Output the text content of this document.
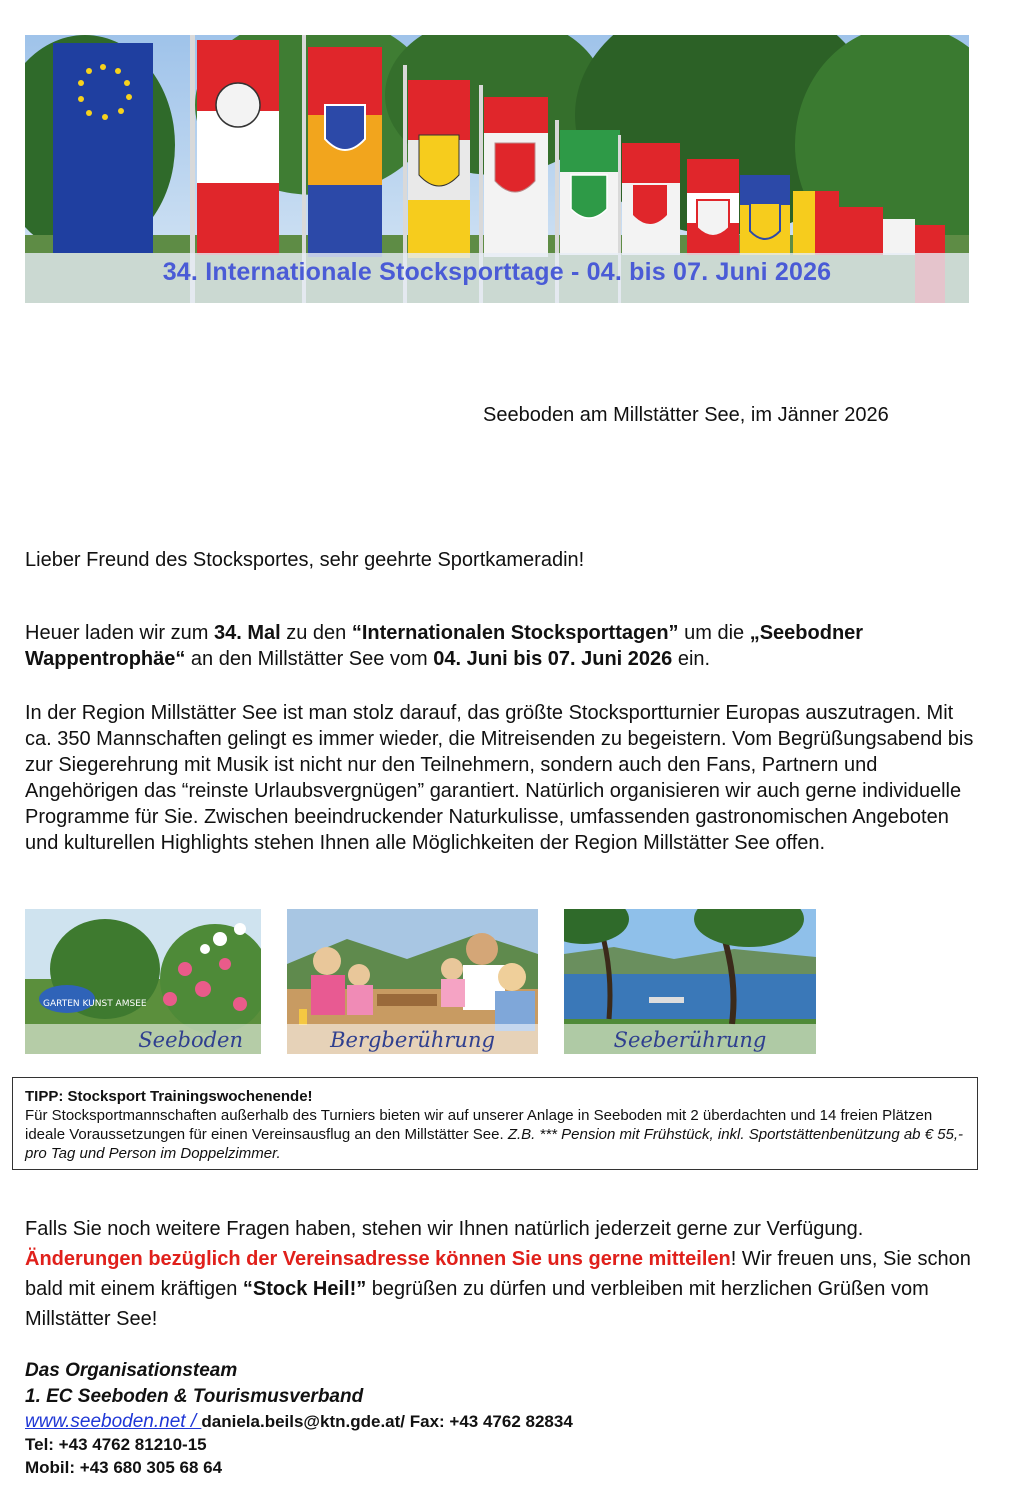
34. Internationale Stocksporttage - 04. bis 07. Juni 2026
Seeboden am Millstätter See, im Jänner 2026
Lieber Freund des Stocksportes, sehr geehrte Sportkameradin!
Heuer laden wir zum 34. Mal zu den “Internationalen Stocksporttagen” um die „Seebodner Wappentrophäe“ an den Millstätter See vom 04. Juni bis 07. Juni 2026 ein.
In der Region Millstätter See ist man stolz darauf, das größte Stocksportturnier Europas auszutragen. Mit ca. 350 Mannschaften gelingt es immer wieder, die Mitreisenden zu begeistern. Vom Begrüßungsabend bis zur Siegerehrung mit Musik ist nicht nur den Teilnehmern, sondern auch den Fans, Partnern und Angehörigen das “reinste Urlaubsvergnügen” garantiert. Natürlich organisieren wir auch gerne individuelle Programme für Sie. Zwischen beeindruckender Naturkulisse, umfassenden gastronomischen Angeboten und kulturellen Highlights stehen Ihnen alle Möglichkeiten der Region Millstätter See offen.
GARTEN KUNST AMSEE
Seeboden	Bergberührung	Seeberührung
TIPP: Stocksport Trainingswochenende!
Für Stocksportmannschaften außerhalb des Turniers bieten wir auf unserer Anlage in Seeboden mit 2 überdachten und 14 freien Plätzen ideale Voraussetzungen für einen Vereinsausflug an den Millstätter See. Z.B. *** Pension mit Frühstück, inkl. Sportstättenbenützung ab € 55,- pro Tag und Person im Doppelzimmer.
Falls Sie noch weitere Fragen haben, stehen wir Ihnen natürlich jederzeit gerne zur Verfügung.
Änderungen bezüglich der Vereinsadresse können Sie uns gerne mitteilen! Wir freuen uns, Sie schon bald mit einem kräftigen “Stock Heil!” begrüßen zu dürfen und verbleiben mit herzlichen Grüßen vom Millstätter See!
Das Organisationsteam
1. EC Seeboden & Tourismusverband
www.seeboden.net / daniela.beils@ktn.gde.at/ Fax: +43 4762 82834
Tel: +43 4762 81210-15
Mobil: +43 680 305 68 64
